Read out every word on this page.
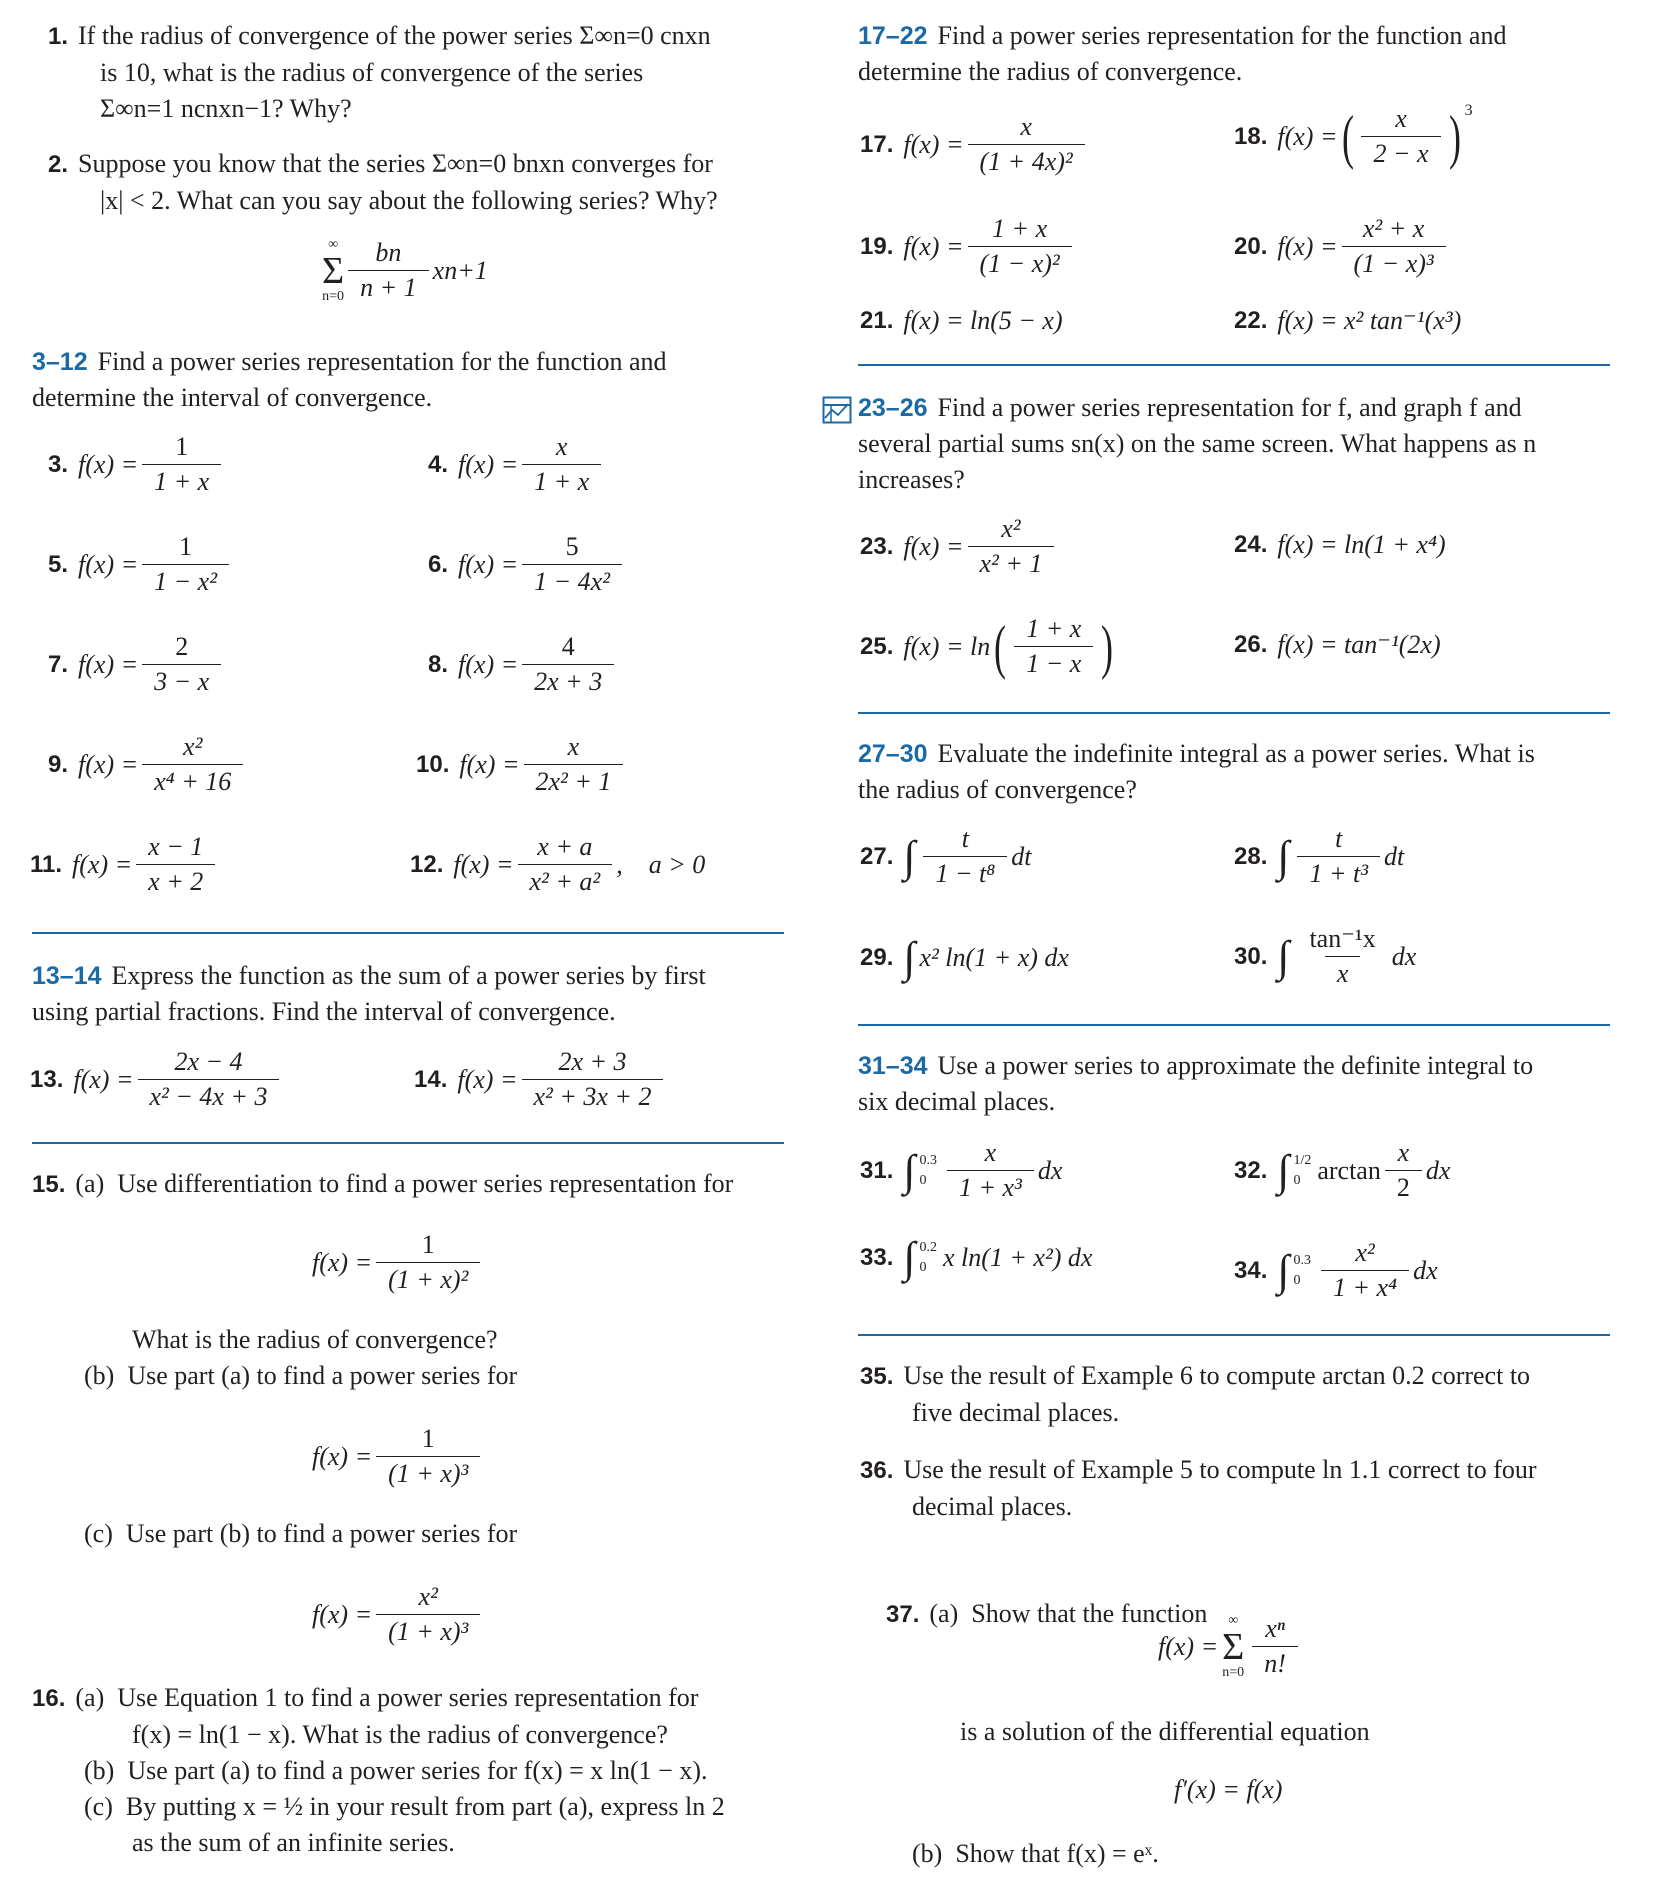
1. If the radius of convergence of the power series Σ∞n=0 cnxn
is 10, what is the radius of convergence of the series
Σ∞n=1 ncnxn−1? Why?
2. Suppose you know that the series Σ∞n=0 bnxn converges for
|x| < 2. What can you say about the following series? Why?
∞
Σ
$n=0 \frac{bn}{n + 1} xn+1$
3–12 Find a power series representation for the function and
determine the interval of convergence.
3. $f(x) = \frac{1}{1 + x}$	4. $f(x) = \frac{x}{1 + x}$
5. $f(x) = \frac{1}{\text{1 − x²}}$	6. $f(x) = \frac{5}{\text{1 − 4x²}}$
7. $f(x) = \frac{2}{3 - x}$	8. $f(x) = \frac{4}{2x + 3}$
9. $f(x) = \frac{\text{x²}}{\text{x⁴ + 16}}$	10. $f(x) = \frac{x}{\text{2x² + 1}}$
11. $f(x) = \frac{x - 1}{x + 2}$	12. $f(x) = \frac{x + a}{\text{x² + a²}}$ ,    a > 0
13–14 Express the function as the sum of a power series by first
using partial fractions. Find the interval of convergence.
13. $f(x) = \frac{2x - 4}{\text{x² − 4x + 3}}$	14. $f(x) = \frac{2x + 3}{\text{x² + 3x + 2}}$
15. (a)  Use differentiation to find a power series representation for
$f(x) = \frac{1}{\text{(1 + x)²}}$
What is the radius of convergence?
(b)  Use part (a) to find a power series for
$f(x) = \frac{1}{\text{(1 + x)³}}$
(c)  Use part (b) to find a power series for
$f(x) = \frac{\text{x²}}{\text{(1 + x)³}}$
16. (a)  Use Equation 1 to find a power series representation for
f(x) = ln(1 − x). What is the radius of convergence?
(b)  Use part (a) to find a power series for f(x) = x ln(1 − x).
(c)  By putting x = ½ in your result from part (a), express ln 2
as the sum of an infinite series.
17–22 Find a power series representation for the function and
determine the radius of convergence.
17. $f(x) = \frac{x}{\text{(1 + 4x)²}}$	18. f(x) = ( $\frac{x}{2 - x}$ ) 3
19. $f(x) = \frac{1 + x}{\text{(1 − x)²}}$	20. $f(x) = \frac{\text{x² + x}}{\text{(1 − x)³}}$
21. f(x) = ln(5 − x)	22. f(x) = x² tan⁻¹(x³)
23–26 Find a power series representation for f, and graph f and
several partial sums sn(x) on the same screen. What happens as n
increases?
23. $f(x) = \frac{\text{x²}}{\text{x² + 1}}$	24. f(x) = ln(1 + x⁴)
25. f(x) = ln ( $\frac{1 + x}{1 - x}$ )	26. f(x) = tan⁻¹(2x)
27–30 Evaluate the indefinite integral as a power series. What is
the radius of convergence?
27. ∫ $\frac{t}{\text{1 − t⁸}}$ dt	28. ∫ $\frac{t}{\text{1 + t³}}$ dt
29. ∫ x² ln(1 + x) dx	30. ∫ $\frac{\text{tan⁻¹x}}{x}$ dx
31–34 Use a power series to approximate the definite integral to
six decimal places.
31. ∫ 0.3
$0 \frac{x}{\text{1 + x³}}$ dx	32. ∫ 1/2
0 $\arctan \frac{x}{2}$ dx
33. ∫ 0.2
0 x ln(1 + x²) dx	34. ∫ 0.3
$0 \frac{\text{x²}}{\text{1 + x⁴}}$ dx
35. Use the result of Example 6 to compute arctan 0.2 correct to
five decimal places.
36. Use the result of Example 5 to compute ln 1.1 correct to four
decimal places.

37. (a)  Show that the function

f(x) =
∞
Σ
$n=0 \frac{\text{xⁿ}}{n!}$
is a solution of the differential equation
f′(x) = f(x)
(b)  Show that f(x) = eˣ.
